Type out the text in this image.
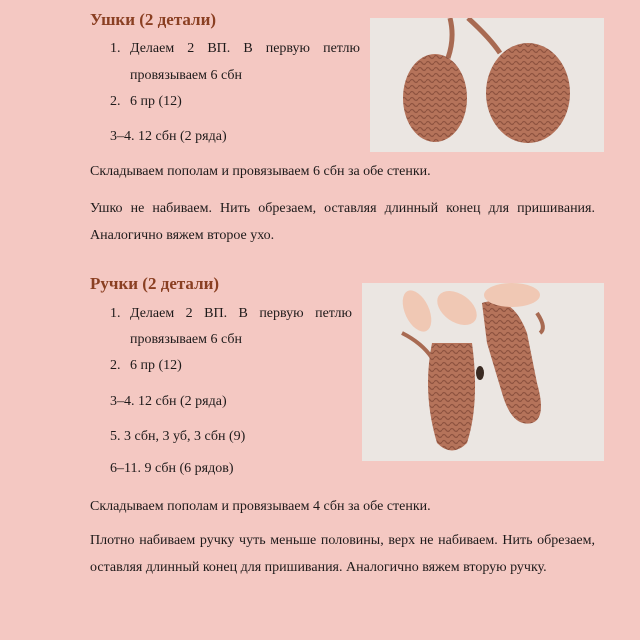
Ушки (2 детали)

1. Делаем 2 ВП. В первую петлю

провязываем 6 сбн

2. 6 пр (12)

3–4. 12 сбн (2 ряда)

Складываем пополам и провязываем 6 сбн за обе стенки.

Ушко не набиваем. Нить обрезаем, оставляя длинный конец для пришивания. Аналогично вяжем второе ухо.

Ручки (2 детали)

1. Делаем 2 ВП. В первую петлю

провязываем 6 сбн

2. 6 пр (12)

3–4. 12 сбн (2 ряда)

5. 3 сбн, 3 уб, 3 сбн (9)

6–11. 9 сбн (6 рядов)

Складываем пополам и провязываем 4 сбн за обе стенки.

Плотно набиваем ручку чуть меньше половины, верх не набиваем. Нить обрезаем, оставляя длинный конец для пришивания. Аналогично вяжем вторую ручку.
